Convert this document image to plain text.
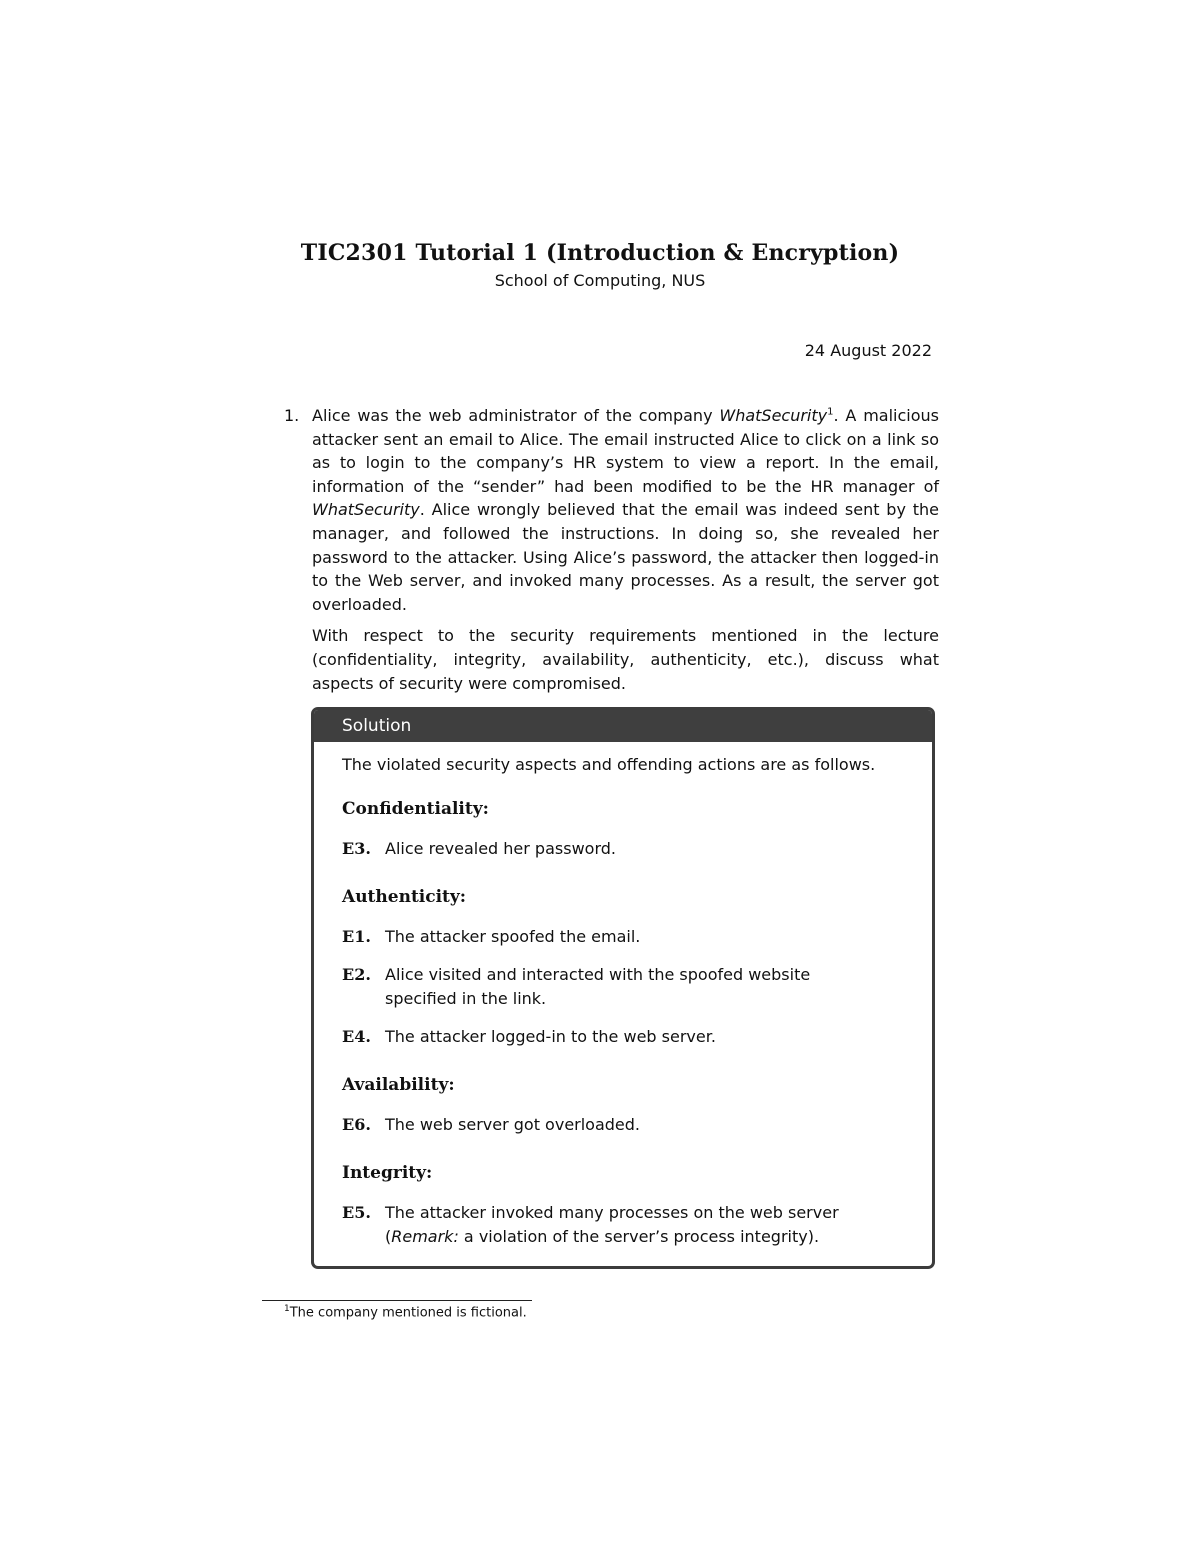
TIC2301 Tutorial 1 (Introduction & Encryption)
School of Computing, NUS
24 August 2022
1. Alice was the web administrator of the company WhatSecurity$^1$. A malicious attacker sent an email to Alice. The email instructed Alice to click on a link so as to login to the company’s HR system to view a report. In the email, information of the “sender” had been modified to be the HR manager of WhatSecurity. Alice wrongly believed that the email was indeed sent by the manager, and followed the instructions. In doing so, she revealed her password to the attacker. Using Alice’s password, the attacker then logged-in to the Web server, and invoked many processes. As a result, the server got overloaded.

With respect to the security requirements mentioned in the lecture (confidentiality, integrity, availability, authenticity, etc.), discuss what aspects of security were compromised.

Solution

The violated security aspects and offending actions are as follows.

Confidentiality:
E3. Alice revealed her password.
Authenticity:
E1. The attacker spoofed the email.
E2. Alice visited and interacted with the spoofed website specified in the link.
E4. The attacker logged-in to the web server.
Availability:
E6. The web server got overloaded.
Integrity:
E5. The attacker invoked many processes on the web server
(Remark: a violation of the server’s process integrity).
$^1$The company mentioned is fictional.
